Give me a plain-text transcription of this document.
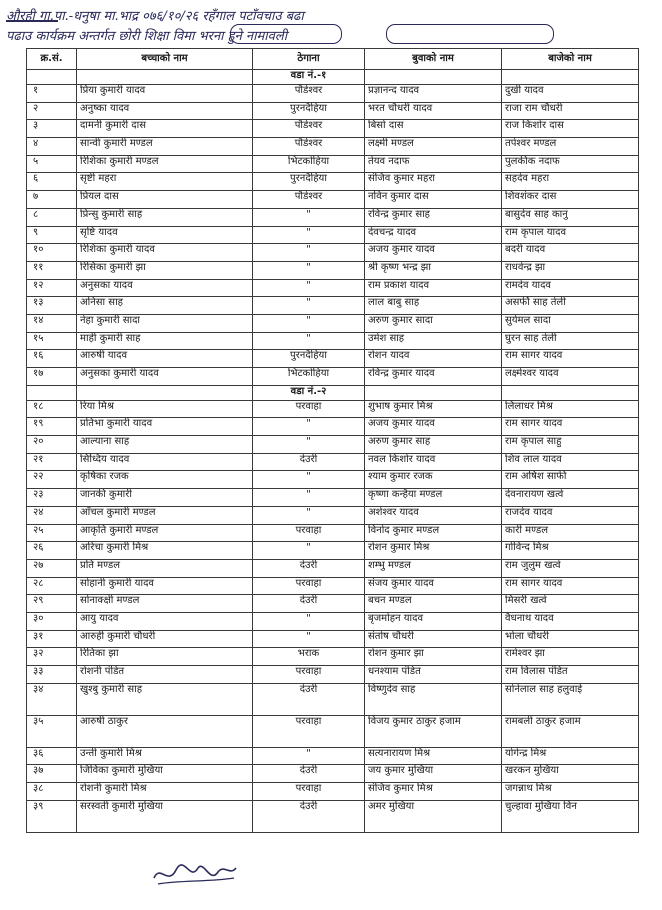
औरही गा.पा.-धनुषा मा.भाद्र ०७६/१०/२६ रहँगाल पटाँवचाउ बढा
पढाउ कार्यक्रम अन्तर्गत छोरी शिक्षा विमा भरना हुने नामावली
क्र.सं.	बच्चाको नाम	ठेगाना	बुवाको नाम	बाजेको नाम
		वडा नं.-१		
१	प्रिया कुमारी यादव	पौडेश्वर	प्रज्ञानन्द यादव	दुखी यादव
२	अनुष्का यादव	पुरनदैहिया	भरत चौधरी यादव	राजा राम चौधरी
३	दामनी कुमारी दास	पौडेश्वर	बिसो दास	राज किशोर दास
४	सान्वी कुमारी मण्डल	पौडेश्वर	लक्ष्मी मण्डल	तपेश्वर मण्डल
५	रिशिका कुमारी मण्डल	भिटकोहिया	तेयव नदाफ	पुलकीक नदाफ
६	सृष्टी महरा	पुरनदैहिया	संजिव कुमार महरा	सहदेव महरा
७	प्रियल दास	पौडेश्वर	नविन कुमार दास	शिवशंकर दास
८	प्रिन्सु कुमारी साह	"	रविन्द्र कुमार साह	बासुदेव साह कानु
९	सृष्टि यादव	"	देवचन्द्र यादव	राम कृपाल यादव
१०	रिशिका कुमारी यादव	"	अजय कुमार यादव	बदरी यादव
११	रिसिका कुमारी झा	"	श्री कृष्ण भन्द्र झा	राधवेन्द्र झा
१२	अनुसका यादव	"	राम प्रकाश यादव	रामदेव यादव
१३	अनिसा साह	"	लाल बाबु साह	असर्फी साह तेली
१४	नेहा कुमारी सादा	"	अरुण कुमार सादा	सुर्यमल सादा
१५	माही कुमारी साह	"	उमेश साह	घुरन साह तेली
१६	आरुषी यादव	पुरनदैहिया	रोशन यादव	राम सागर यादव
१७	अनुसका कुमारी यादव	भिटकोहिया	रविन्द्र कुमार यादव	लक्ष्मेश्वर यादव
		वडा नं.-२		
१८	रिया मिश्र	परवाहा	शुभाष कुमार मिश्र	लिलाधर मिश्र
१९	प्रतिभा कुमारी यादव	"	अजय कुमार यादव	राम सागर यादव
२०	आल्याना साह	"	अरुण कुमार साह	राम कृपाल साहु
२१	सिध्दिय यादव	देउरी	नवल किशोर यादव	शिव लाल यादव
२२	कृषिका रजक	"	श्याम कुमार रजक	राम अषिश साफी
२३	जानकी कुमारी	"	कृष्णा कन्हैया मण्डल	देवनारायण खत्वे
२४	आँचल कुमारी मण्डल	"	अशेश्वर यादव	राजदेव यादव
२५	आकृति कुमारी मण्डल	परवाहा	विनोद कुमार मण्डल	कारी मण्डल
२६	अरिचा कुमारी मिश्र	"	रोशन कुमार मिश्र	गोविन्द मिश्र
२७	प्रति मण्डल	देउरी	शम्भु मण्डल	राम जुलुम खत्वे
२८	सोहानी कुमारी यादव	परवाहा	संजय कुमार यादव	राम सागर यादव
२९	सोनाक्क्षी मण्डल	देउरी	बचन मण्डल	मिसरी खत्वे
३०	आयु यादव	"	बृजमोहन यादव	वैधनाथ यादव
३१	आरुही कुमारी चौधरी	"	संतोष चौधरी	भोला चौधरी
३२	रितिका झा	भराक	रोशन कुमार झा	रामेश्वर झा
३३	रोशनी पंडित	परवाहा	धनश्याम पंडित	राम विलास पंडित
३४	खुश्बु कुमारी साह	देउरी	विष्णुदेव साह	सोनेलाल साह हलुवाई
३५	आरुषी ठाकुर	परवाहा	विजय कुमार ठाकुर हजाम	रामबली ठाकुर हजाम
३६	उन्ती कुमारी मिश्र	"	सत्यनारायण मिश्र	योगेन्द्र मिश्र
३७	जिविका कुमारी मुखिया	देउरी	जय कुमार मुखिया	खरकन मुखिया
३८	रोशनी कुमारी मिश्र	परवाहा	संजिव कुमार मिश्र	जगन्नाथ मिश्र
३९	सरस्वती कुमारी मुखिया	देउरी	अमर मुखिया	चुल्हावा मुखिया विन
